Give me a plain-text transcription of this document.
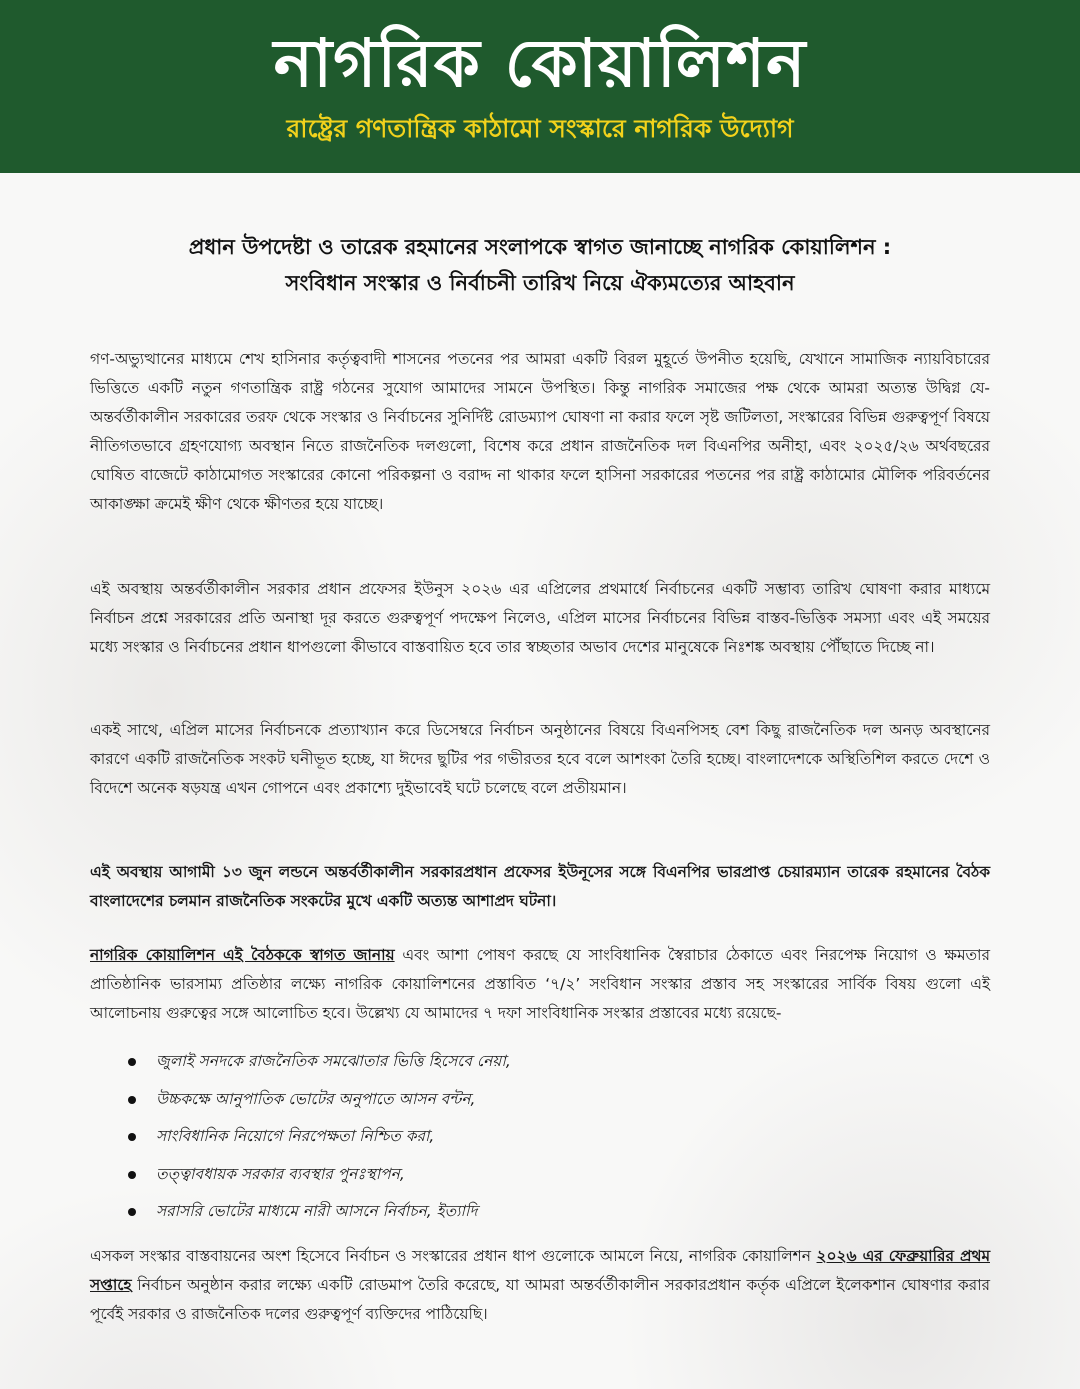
নাগরিক কোয়ালিশন
রাষ্ট্রের গণতান্ত্রিক কাঠামো সংস্কারে নাগরিক উদ্যোগ
প্রধান উপদেষ্টা ও তারেক রহমানের সংলাপকে স্বাগত জানাচ্ছে নাগরিক কোয়ালিশন :
সংবিধান সংস্কার ও নির্বাচনী তারিখ নিয়ে ঐক্যমত্যের আহবান
গণ-অভ্যুত্থানের মাধ্যমে শেখ হাসিনার কর্তৃত্ববাদী শাসনের পতনের পর আমরা একটি বিরল মুহূর্তে উপনীত হয়েছি, যেখানে সামাজিক ন্যায়বিচারের ভিত্তিতে একটি নতুন গণতান্ত্রিক রাষ্ট্র গঠনের সুযোগ আমাদের সামনে উপস্থিত। কিন্তু নাগরিক সমাজের পক্ষ থেকে আমরা অত্যন্ত উদ্বিগ্ন যে- অন্তর্বর্তীকালীন সরকারের তরফ থেকে সংস্কার ও নির্বাচনের সুনির্দিষ্ট রোডম্যাপ ঘোষণা না করার ফলে সৃষ্ট জটিলতা, সংস্কারের বিভিন্ন গুরুত্বপূর্ণ বিষয়ে নীতিগতভাবে গ্রহণযোগ্য অবস্থান নিতে রাজনৈতিক দলগুলো, বিশেষ করে প্রধান রাজনৈতিক দল বিএনপির অনীহা, এবং ২০২৫/২৬ অর্থবছরের ঘোষিত বাজেটে কাঠামোগত সংস্কারের কোনো পরিকল্পনা ও বরাদ্দ না থাকার ফলে হাসিনা সরকারের পতনের পর রাষ্ট্র কাঠামোর মৌলিক পরিবর্তনের আকাঙ্ক্ষা ক্রমেই ক্ষীণ থেকে ক্ষীণতর হয়ে যাচ্ছে।
এই অবস্থায় অন্তর্বর্তীকালীন সরকার প্রধান প্রফেসর ইউনুস ২০২৬ এর এপ্রিলের প্রথমার্ধে নির্বাচনের একটি সম্ভাব্য তারিখ ঘোষণা করার মাধ্যমে নির্বাচন প্রশ্নে সরকারের প্রতি অনাস্থা দূর করতে গুরুত্বপূর্ণ পদক্ষেপ নিলেও, এপ্রিল মাসের নির্বাচনের বিভিন্ন বাস্তব-ভিত্তিক সমস্যা এবং এই সময়ের মধ্যে সংস্কার ও নির্বাচনের প্রধান ধাপগুলো কীভাবে বাস্তবায়িত হবে তার স্বচ্ছতার অভাব দেশের মানুষেকে নিঃশঙ্ক অবস্থায় পৌঁছাতে দিচ্ছে না।
একই সাথে, এপ্রিল মাসের নির্বাচনকে প্রত্যাখ্যান করে ডিসেম্বরে নির্বাচন অনুষ্ঠানের বিষয়ে বিএনপিসহ বেশ কিছু রাজনৈতিক দল অনড় অবস্থানের কারণে একটি রাজনৈতিক সংকট ঘনীভূত হচ্ছে, যা ঈদের ছুটির পর গভীরতর হবে বলে আশংকা তৈরি হচ্ছে। বাংলাদেশকে অস্থিতিশিল করতে দেশে ও বিদেশে অনেক ষড়যন্ত্র এখন গোপনে এবং প্রকাশ্যে দুইভাবেই ঘটে চলেছে বলে প্রতীয়মান।
এই অবস্থায় আগামী ১৩ জুন লন্ডনে অন্তর্বর্তীকালীন সরকারপ্রধান প্রফেসর ইউনূসের সঙ্গে বিএনপির ভারপ্রাপ্ত চেয়ারম্যান তারেক রহমানের বৈঠক বাংলাদেশের চলমান রাজনৈতিক সংকটের মুখে একটি অত্যন্ত আশাপ্রদ ঘটনা।
নাগরিক কোয়ালিশন এই বৈঠককে স্বাগত জানায় এবং আশা পোষণ করছে যে সাংবিধানিক স্বৈরাচার ঠেকাতে এবং নিরপেক্ষ নিয়োগ ও ক্ষমতার প্রাতিষ্ঠানিক ভারসাম্য প্রতিষ্ঠার লক্ষ্যে নাগরিক কোয়ালিশনের প্রস্তাবিত ‘৭/২’ সংবিধান সংস্কার প্রস্তাব সহ সংস্কারের সার্বিক বিষয় গুলো এই আলোচনায় গুরুত্বের সঙ্গে আলোচিত হবে। উল্লেখ্য যে আমাদের ৭ দফা সাংবিধানিক সংস্কার প্রস্তাবের মধ্যে রয়েছে-
জুলাই সনদকে রাজনৈতিক সমঝোতার ভিত্তি হিসেবে নেয়া,
উচ্চকক্ষে আনুপাতিক ভোটের অনুপাতে আসন বন্টন,
সাংবিধানিক নিয়োগে নিরপেক্ষতা নিশ্চিত করা,
তত্ত্বাবধায়ক সরকার ব্যবস্থার পুনঃস্থাপন,
সরাসরি ভোটের মাধ্যমে নারী আসনে নির্বাচন, ইত্যাদি
এসকল সংস্কার বাস্তবায়নের অংশ হিসেবে নির্বাচন ও সংস্কারের প্রধান ধাপ গুলোকে আমলে নিয়ে, নাগরিক কোয়ালিশন ২০২৬ এর ফেব্রুয়ারির প্রথম সপ্তাহে নির্বাচন অনুষ্ঠান করার লক্ষ্যে একটি রোডমাপ তৈরি করেছে, যা আমরা অন্তর্বর্তীকালীন সরকারপ্রধান কর্তৃক এপ্রিলে ইলেকশান ঘোষণার করার পূর্বেই সরকার ও রাজনৈতিক দলের গুরুত্বপূর্ণ ব্যক্তিদের পাঠিয়েছি।
